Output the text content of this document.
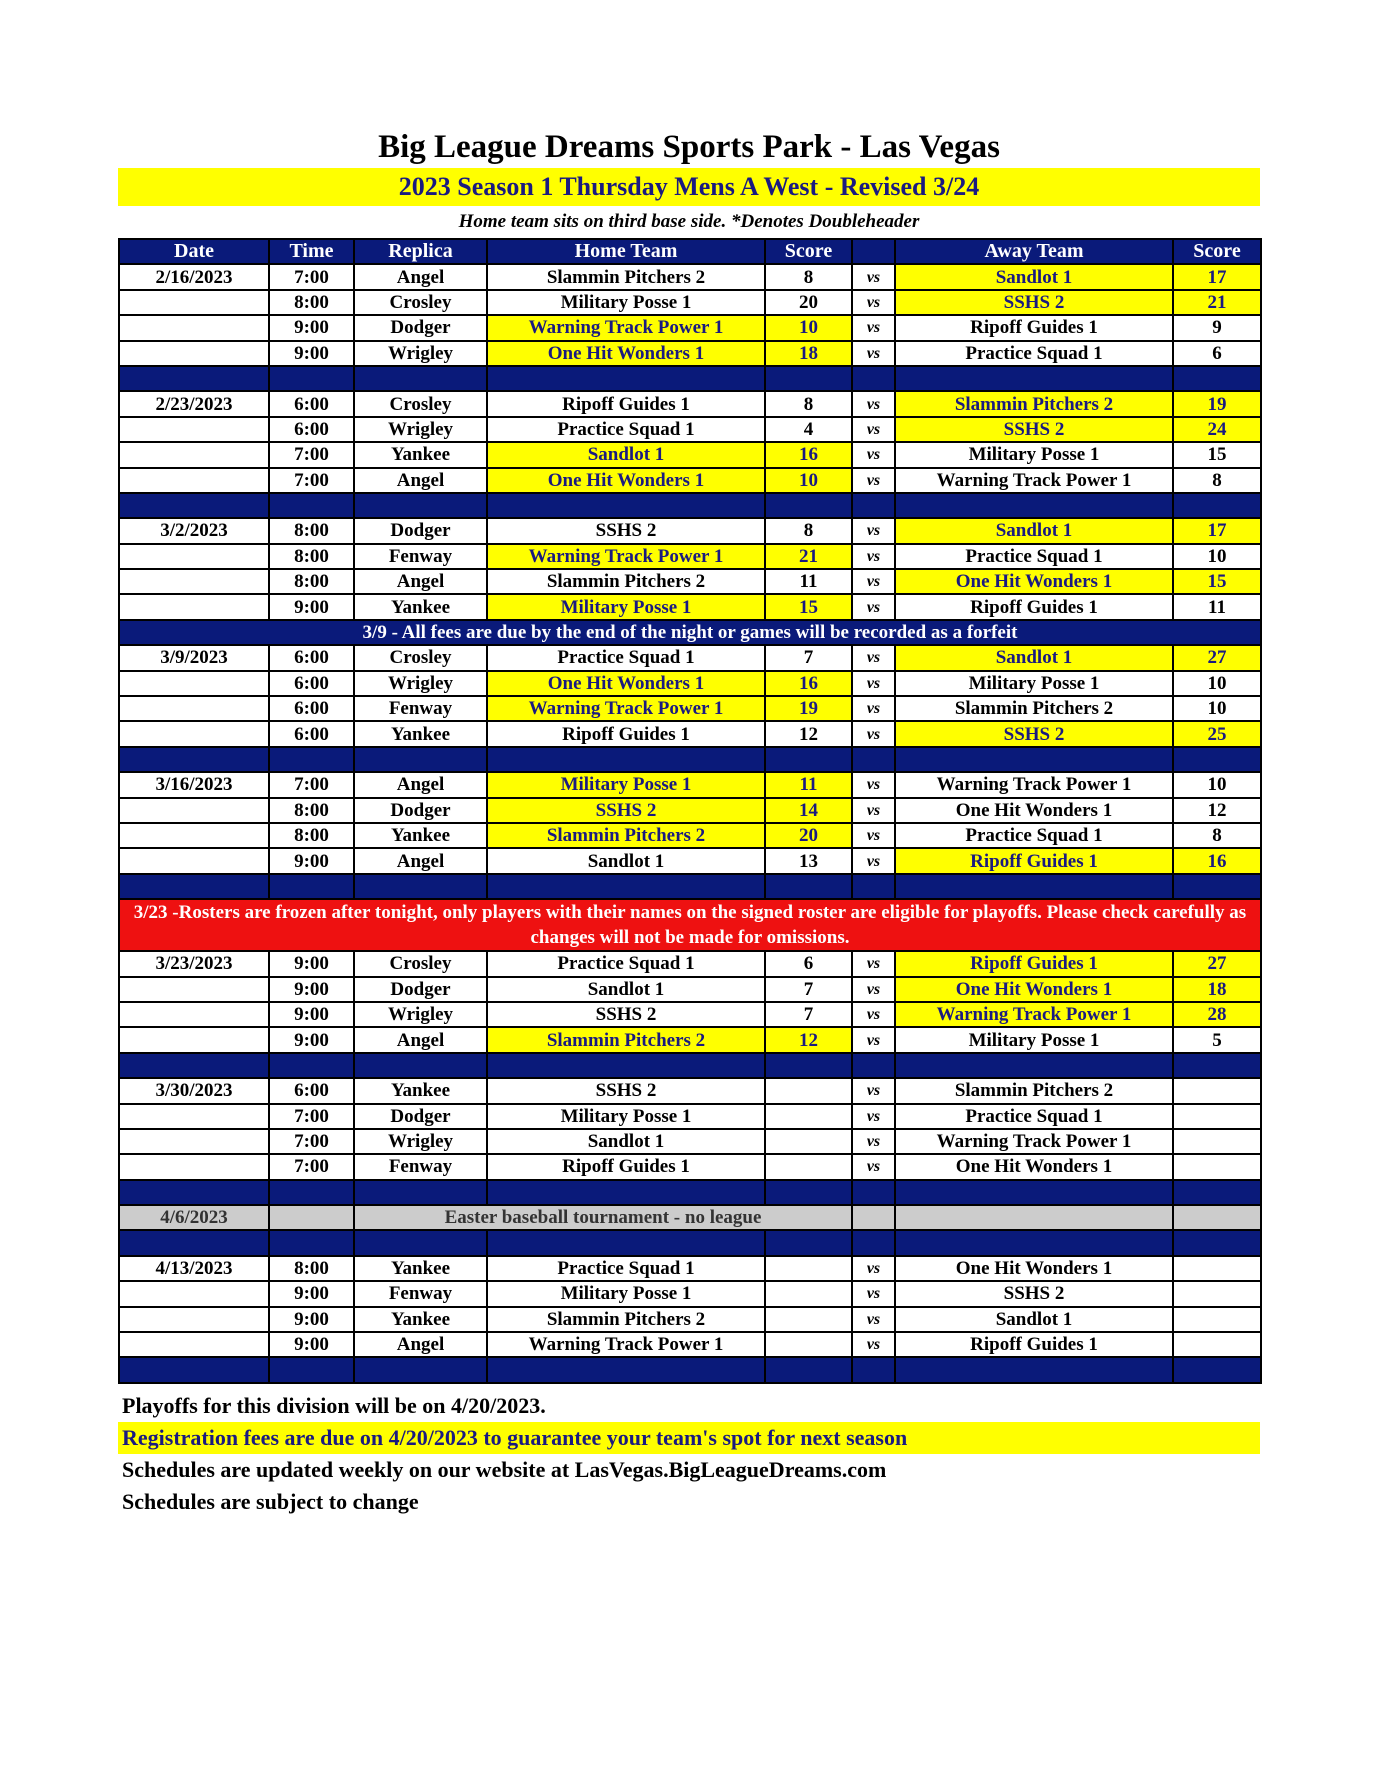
Big League Dreams Sports Park - Las Vegas
2023 Season 1 Thursday Mens A West - Revised 3/24
Home team sits on third base side. *Denotes Doubleheader
Date	Time	Replica	Home Team	Score		Away Team	Score
2/16/2023	7:00	Angel	Slammin Pitchers 2	8	vs	Sandlot 1	17
	8:00	Crosley	Military Posse 1	20	vs	SSHS 2	21
	9:00	Dodger	Warning Track Power 1	10	vs	Ripoff Guides 1	9
	9:00	Wrigley	One Hit Wonders 1	18	vs	Practice Squad 1	6

2/23/2023	6:00	Crosley	Ripoff Guides 1	8	vs	Slammin Pitchers 2	19
	6:00	Wrigley	Practice Squad 1	4	vs	SSHS 2	24
	7:00	Yankee	Sandlot 1	16	vs	Military Posse 1	15
	7:00	Angel	One Hit Wonders 1	10	vs	Warning Track Power 1	8

3/2/2023	8:00	Dodger	SSHS 2	8	vs	Sandlot 1	17
	8:00	Fenway	Warning Track Power 1	21	vs	Practice Squad 1	10
	8:00	Angel	Slammin Pitchers 2	11	vs	One Hit Wonders 1	15
	9:00	Yankee	Military Posse 1	15	vs	Ripoff Guides 1	11
3/9 - All fees are due by the end of the night or games will be recorded as a forfeit							
3/9/2023	6:00	Crosley	Practice Squad 1	7	vs	Sandlot 1	27
	6:00	Wrigley	One Hit Wonders 1	16	vs	Military Posse 1	10
	6:00	Fenway	Warning Track Power 1	19	vs	Slammin Pitchers 2	10
	6:00	Yankee	Ripoff Guides 1	12	vs	SSHS 2	25

3/16/2023	7:00	Angel	Military Posse 1	11	vs	Warning Track Power 1	10
	8:00	Dodger	SSHS 2	14	vs	One Hit Wonders 1	12
	8:00	Yankee	Slammin Pitchers 2	20	vs	Practice Squad 1	8
	9:00	Angel	Sandlot 1	13	vs	Ripoff Guides 1	16

3/23 -Rosters are frozen after tonight, only players with their names on the signed roster are eligible for playoffs. Please check carefully as changes will not be made for omissions.							
3/23/2023	9:00	Crosley	Practice Squad 1	6	vs	Ripoff Guides 1	27
	9:00	Dodger	Sandlot 1	7	vs	One Hit Wonders 1	18
	9:00	Wrigley	SSHS 2	7	vs	Warning Track Power 1	28
	9:00	Angel	Slammin Pitchers 2	12	vs	Military Posse 1	5

3/30/2023	6:00	Yankee	SSHS 2		vs	Slammin Pitchers 2	
	7:00	Dodger	Military Posse 1		vs	Practice Squad 1	
	7:00	Wrigley	Sandlot 1		vs	Warning Track Power 1	
	7:00	Fenway	Ripoff Guides 1		vs	One Hit Wonders 1	

4/6/2023		Easter baseball tournament - no league					

4/13/2023	8:00	Yankee	Practice Squad 1		vs	One Hit Wonders 1	
	9:00	Fenway	Military Posse 1		vs	SSHS 2	
	9:00	Yankee	Slammin Pitchers 2		vs	Sandlot 1	
	9:00	Angel	Warning Track Power 1		vs	Ripoff Guides 1	

Playoffs for this division will be on 4/20/2023.
Registration fees are due on 4/20/2023 to guarantee your team's spot for next season
Schedules are updated weekly on our website at LasVegas.BigLeagueDreams.com
Schedules are subject to change
